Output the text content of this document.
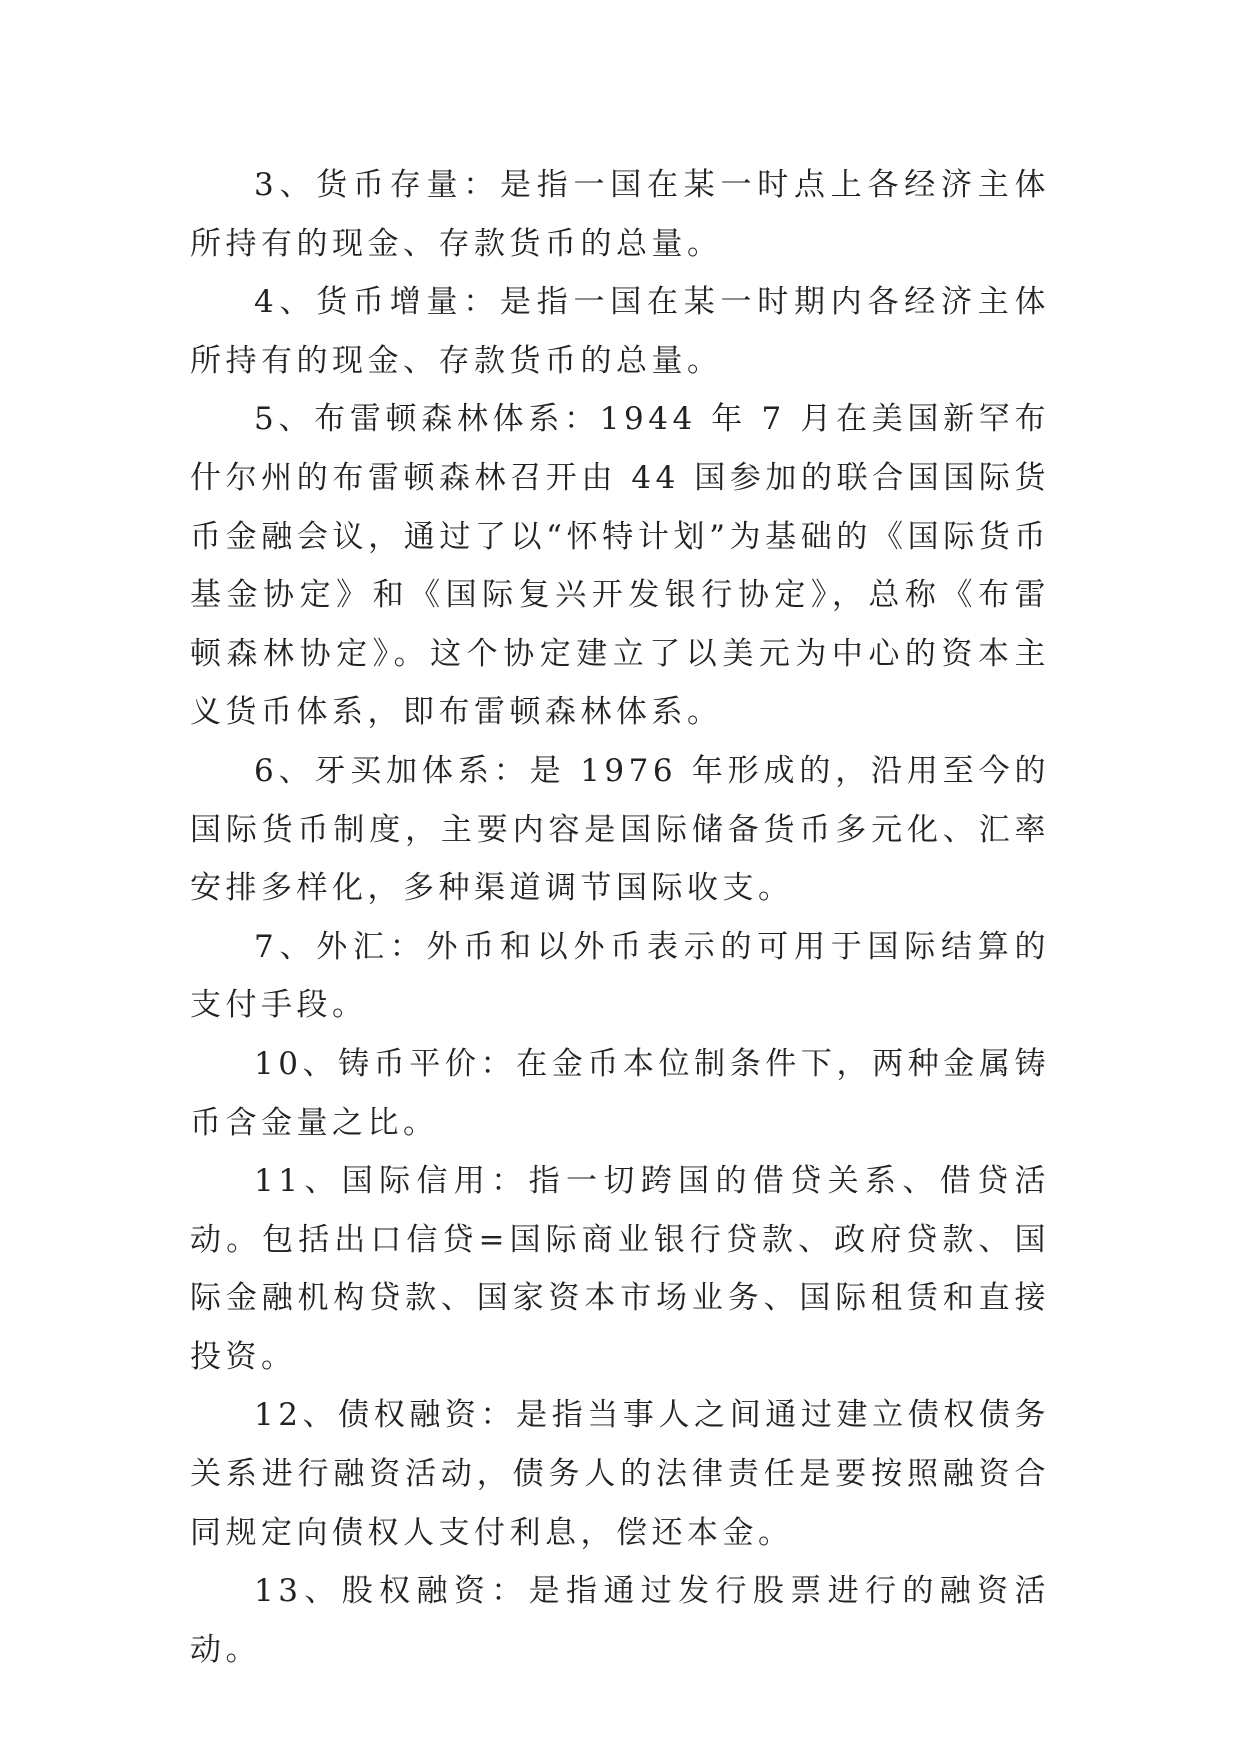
3、货币存量：是指一国在某一时点上各经济主体所持有的现金、存款货币的总量。

4、货币增量：是指一国在某一时期内各经济主体所持有的现金、存款货币的总量。

5、布雷顿森林体系：1944 年 7 月在美国新罕布什尔州的布雷顿森林召开由 44 国参加的联合国国际货币金融会议，通过了以“怀特计划”为基础的《国际货币基金协定》和《国际复兴开发银行协定》，总称《布雷顿森林协定》。这个协定建立了以美元为中心的资本主义货币体系，即布雷顿森林体系。

6、牙买加体系：是 1976 年形成的，沿用至今的国际货币制度，主要内容是国际储备货币多元化、汇率安排多样化，多种渠道调节国际收支。

7、外汇：外币和以外币表示的可用于国际结算的 支付手段。

10、铸币平价：在金币本位制条件下，两种金属铸币含金量之比。

11、国际信用：指一切跨国的借贷关系、借贷活动。包括出口信贷=国际商业银行贷款、政府贷款、国际金融机构贷款、国家资本市场业务、国际租赁和直接投资。

12、债权融资：是指当事人之间通过建立债权债务关系进行融资活动，债务人的法律责任是要按照融资合同规定向债权人支付利息，偿还本金。

13、股权融资：是指通过发行股票进行的融资活动。
